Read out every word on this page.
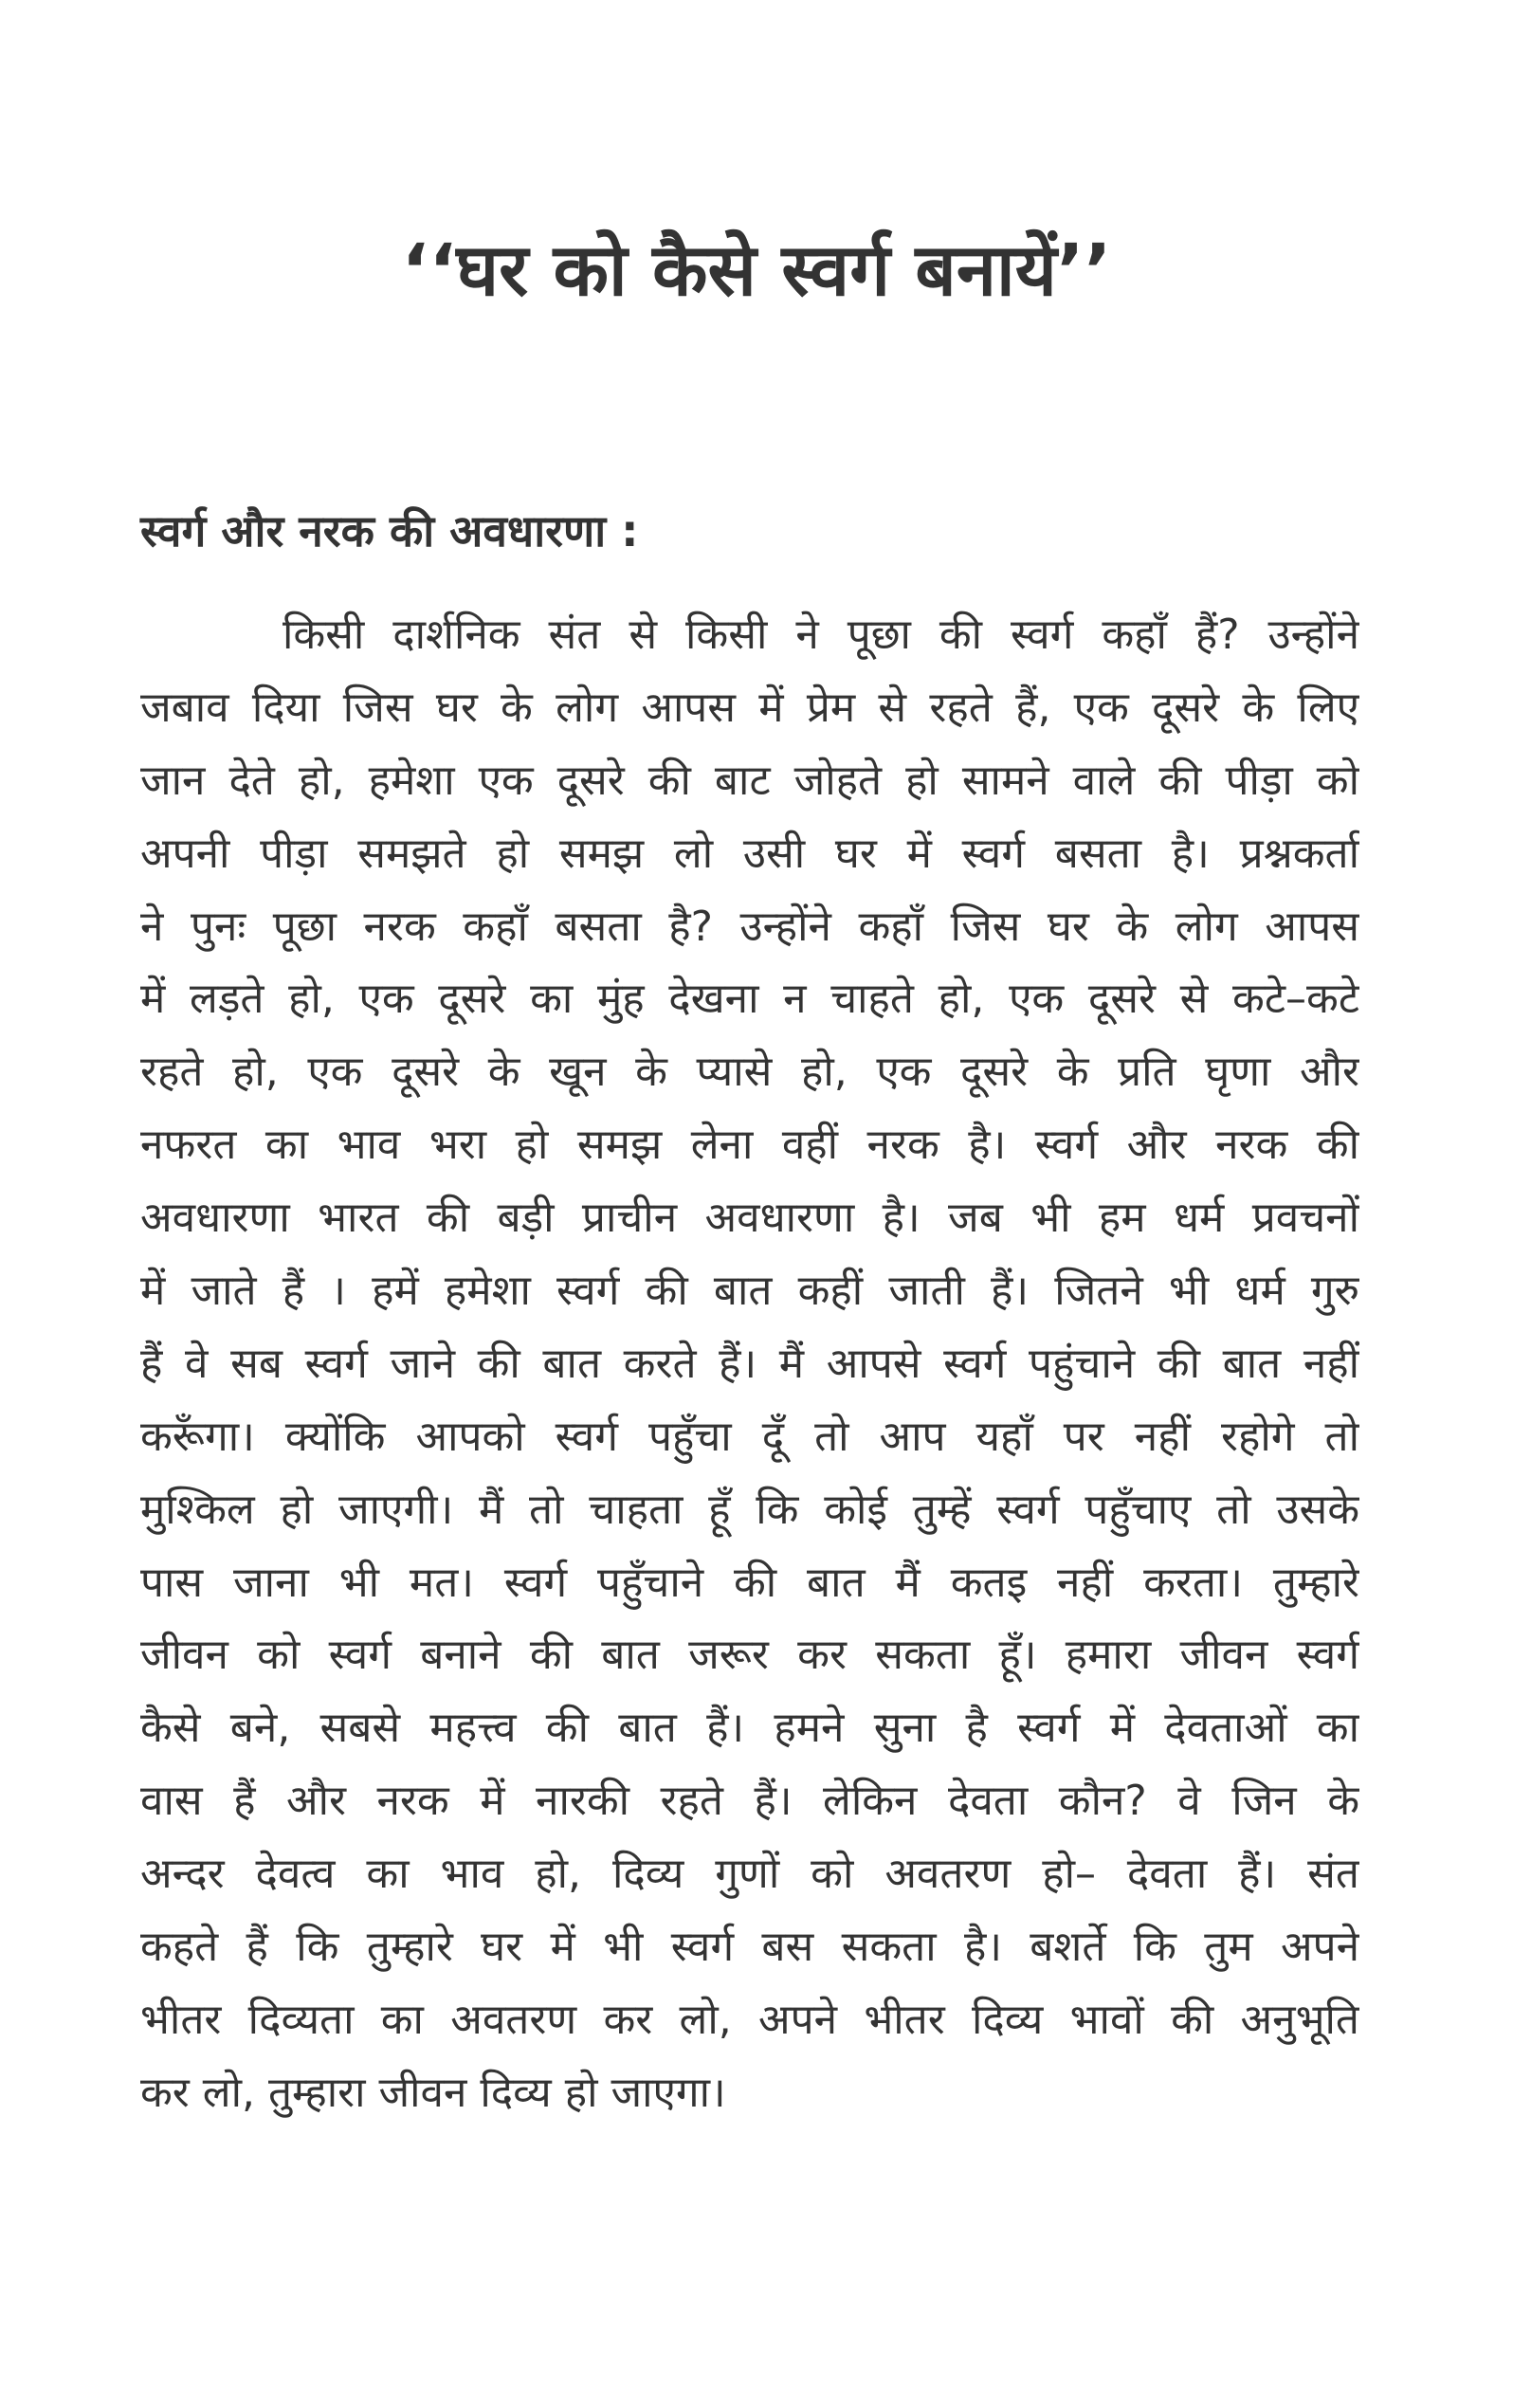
‘‘घर को कैसे स्वर्ग बनायें’’
स्वर्ग और नरक की अवधारणा :
किसी दार्शनिक संत से किसी ने पूछा की स्वर्ग कहाँ हैं? उन्होंने
जबाव दिया जिस घर के लोग आपस में प्रेम से रहते हैं, एक दूसरे के लिए
जान देते हो, हमेशा एक दूसरे की बाट जोहते हो सामने वाले की पीड़ा को
अपनी पीड़ा समझते हो समझ लो उसी घर में स्वर्ग बसता है। प्रश्नकर्ता
ने पुनः पूछा नरक कहाँ बसता है? उन्होंने कहाँ जिस घर के लोग आपस
में लड़ते हो, एक दूसरे का मुंह देखना न चाहते हो, एक दूसरे से कटे–कटे
रहते हो, एक दूसरे के खून के प्यासे हो, एक दूसरे के प्रति घृणा और
नफरत का भाव भरा हो समझ लेना वहीं नरक है। स्वर्ग और नरक की
अवधारणा भारत की बड़ी प्राचीन अवधारणा है। जब भी हम धर्म प्रवचनों
में जाते हैं । हमें हमेशा स्वर्ग की बात कहीं जाती हैं। जितने भी धर्म गुरु
हैं वे सब स्वर्ग जाने की बात करते हैं। मैं आपसे स्वर्ग पहुंचाने की बात नहीं
करूँगा। क्योंकि आपको स्वर्ग पहुँचा दूँ तो आप यहाँ पर नहीं रहोगे तो
मुश्किल हो जाएगी। मैं तो चाहता हूँ कि कोई तुम्हें स्वर्ग पहुँचाए तो उसके
पास जाना भी मत। स्वर्ग पहुँचाने की बात मैं कतइ नहीं करता। तुम्हारे
जीवन को स्वर्ग बनाने की बात जरूर कर सकता हूँ। हमारा जीवन स्वर्ग
कैसे बने, सबसे महत्त्व की बात हैं। हमने सुना है स्वर्ग में देवताओं का
वास हैं और नरक में नारकी रहते हैं। लेकिन देवता कौन? वे जिन के
अन्दर देवत्व का भाव हो, दिव्य गुणों को अवतरण हो– देवता हैं। संत
कहते हैं कि तुम्हारे घर में भी स्वर्ग बस सकता है। बशर्ते कि तुम अपने
भीतर दिव्यता का अवतरण कर लो, अपने भीतर दिव्य भावों की अनुभूति
कर लो, तुम्हारा जीवन दिव्य हो जाएगा।
